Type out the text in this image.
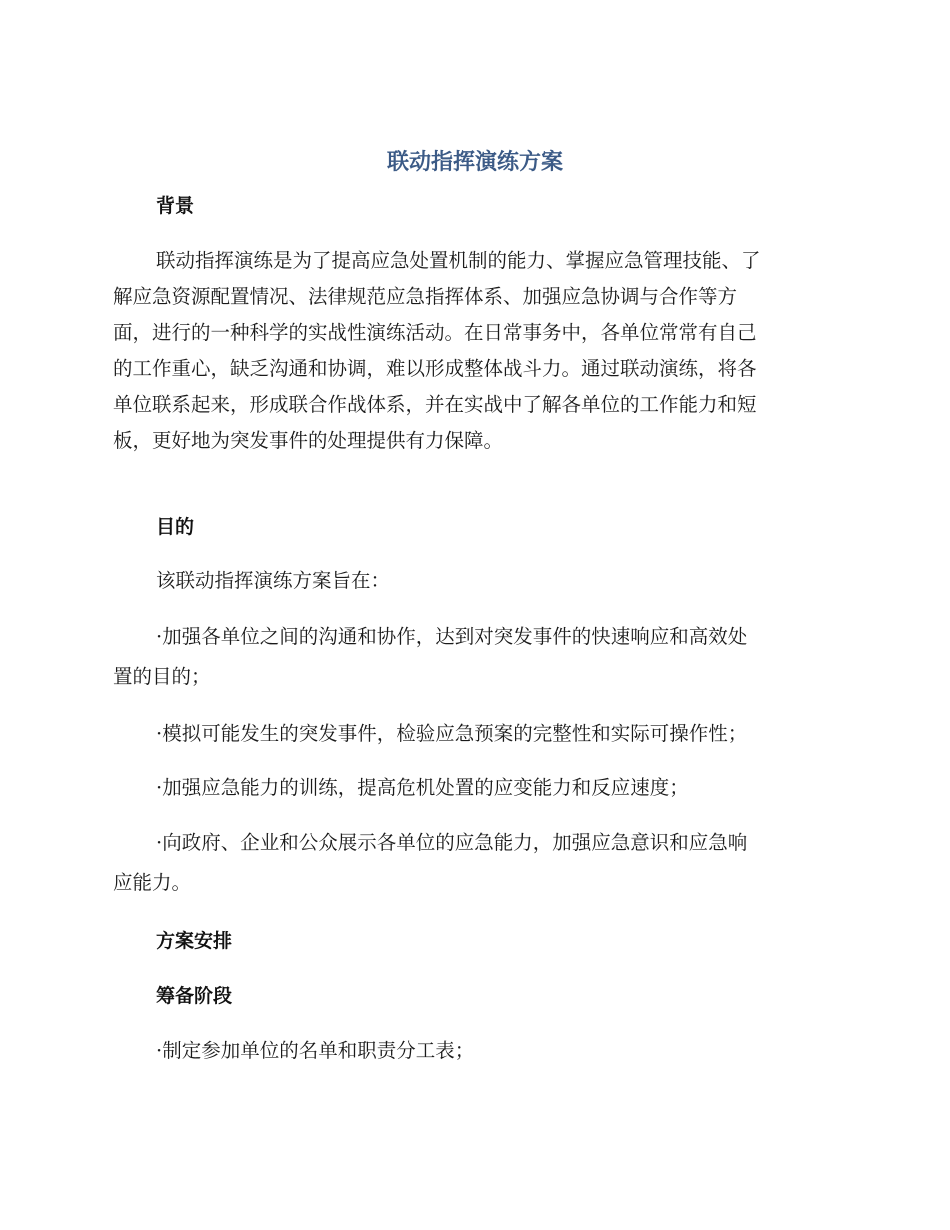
联动指挥演练方案
背景
联动指挥演练是为了提高应急处置机制的能力、掌握应急管理技能、了
解应急资源配置情况、法律规范应急指挥体系、加强应急协调与合作等方
面，进行的一种科学的实战性演练活动。在日常事务中，各单位常常有自己
的工作重心，缺乏沟通和协调，难以形成整体战斗力。通过联动演练，将各
单位联系起来，形成联合作战体系，并在实战中了解各单位的工作能力和短
板，更好地为突发事件的处理提供有力保障。
目的
该联动指挥演练方案旨在：
·加强各单位之间的沟通和协作，达到对突发事件的快速响应和高效处
置的目的；
·模拟可能发生的突发事件，检验应急预案的完整性和实际可操作性；
·加强应急能力的训练，提高危机处置的应变能力和反应速度；
·向政府、企业和公众展示各单位的应急能力，加强应急意识和应急响
应能力。
方案安排
筹备阶段
·制定参加单位的名单和职责分工表；
